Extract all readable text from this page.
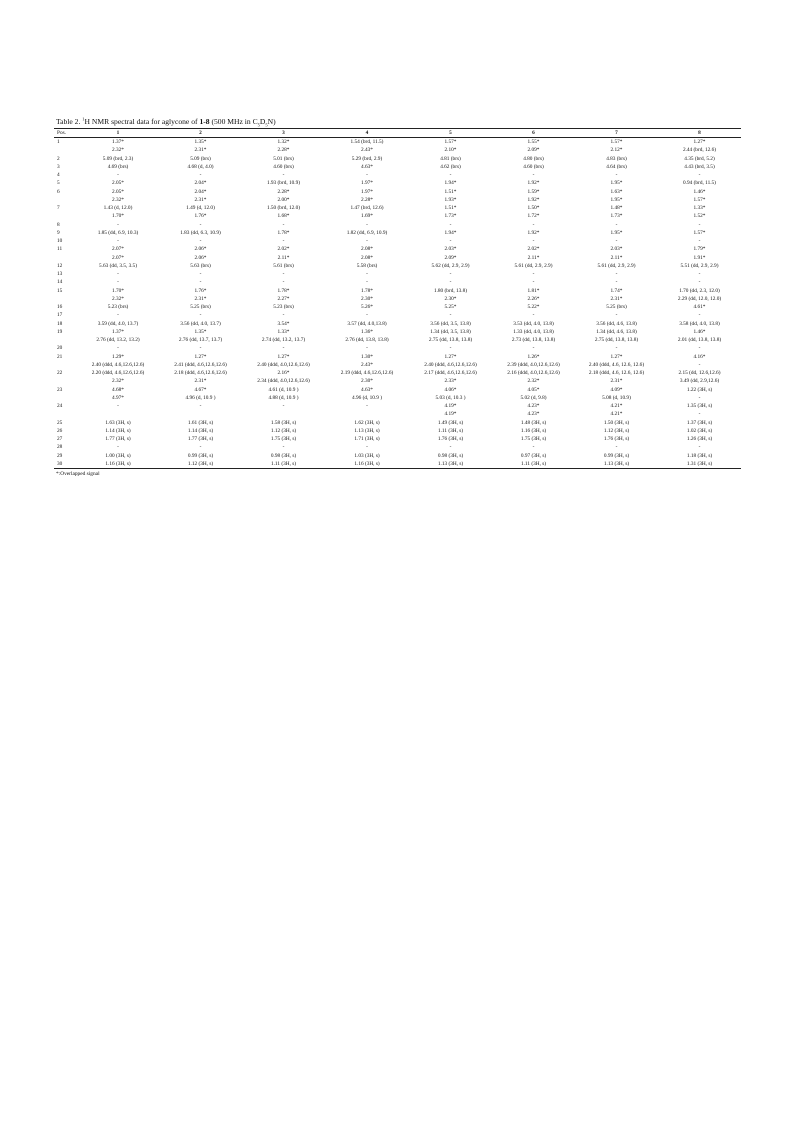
Table 2. $^1$H NMR spectral data for aglycone of 1-8 (500 MHz in $C_5D_5N$)
Pos.	1	2	3	4	5	6	7	8
1	1.37*	1.35*	1.32*	1.54 (brd, 11.5)	1.57*	1.55*	1.57*	1.27*
	2.32*	2.31*	2.28*	2.43*	2.10*	2.09*	2.12*	2.44 (brd, 12.6)
2	5.09 (brd, 2.3)	5.09 (brs)	5.01 (brs)	5.29 (brd, 2.9)	4.81 (brs)	4.80 (brs)	4.83 (brs)	4.35 (brd, 5.2)
3	4.69 (brs)	4.68 (d, 4.0)	4.60 (brs)	4.63*	4.62 (brs)	4.60 (brs)	4.64 (brs)	4.43 (brd, 3.5)
4	-	-	-	-	-	-	-	-
5	2.05*	2.04*	1.93 (brd, 10.9)	1.97*	1.94*	1.92*	1.95*	0.94 (brd, 11.5)
6	2.05*	2.04*	2.28*	1.97*	1.51*	1.59*	1.63*	1.46*
	2.32*	2.31*	2.00*	2.28*	1.93*	1.92*	1.95*	1.57*
7	1.43 (d, 12.0)	1.49 (d, 12.0)	1.50 (brd, 12.0)	1.47 (brd, 12.6)	1.51*	1.50*	1.48*	1.33*
	1.70*	1.76*	1.68*	1.69*	1.73*	1.72*	1.73*	1.52*
8	-	-	-	-	-	-	-	-
9	1.85 (dd, 6.9, 10.3)	1.83 (dd, 6.3, 10.9)	1.78*	1.82 (dd, 6.9, 10.9)	1.94*	1.92*	1.95*	1.57*
10	-	-	-	-	-	-	-	-
11	2.07*	2.06*	2.02*	2.08*	2.03*	2.02*	2.03*	1.79*
	2.07*	2.06*	2.11*	2.08*	2.09*	2.11*	2.11*	1.91*
12	5.63 (dd, 3.5, 3.5)	5.63 (brs)	5.61 (brs)	5.58 (brs)	5.62 (dd, 2.9, 2.9)	5.61 (dd, 2.9, 2.9)	5.61 (dd, 2.9, 2.9)	5.51 (dd, 2.9, 2.9)
13	-	-	-	-	-	-	-	-
14	-	-	-	-	-	-	-	-
15	1.70*	1.76*	1.78*	1.78*	1.80 (brd, 13.8)	1.81*	1.74*	1.70 (dd, 2.3, 12.0)
	2.32*	2.31*	2.27*	2.30*	2.30*	2.26*	2.31*	2.29 (dd, 12.0, 12.0)
16	5.23 (brs)	5.25 (brs)	5.23 (brs)	5.26*	5.25*	5.22*	5.25 (brs)	4.61*
17	-	-	-	-	-	-	-	-
18	3.59 (dd, 4.0, 13.7)	3.56 (dd, 4.0, 13.7)	3.54*	3.57 (dd, 4.0,13.8)	3.56 (dd, 3.5, 13.8)	3.53 (dd, 4.0, 13.8)	3.56 (dd, 4.6, 13.8)	3.58 (dd, 4.0, 13.8)
19	1.37*	1.35*	1.33*	1.36*	1.34 (dd, 3.5, 13.8)	1.33 (dd, 4.0, 13.8)	1.34 (dd, 4.6, 13.8)	1.46*
	2.76 (dd, 13.2, 13.2)	2.76 (dd, 13.7, 13.7)	2.74 (dd, 13.2, 13.7)	2.76 (dd, 13.8, 13.8)	2.75 (dd, 13.8, 13.8)	2.73 (dd, 13.8, 13.8)	2.75 (dd, 13.8, 13.8)	2.01 (dd, 13.8, 13.8)
20	-	-	-	-	-	-	-	-
21	1.29*	1.27*	1.27*	1.30*	1.27*	1.26*	1.27*	4.16*
	2.40 (ddd, 4.6,12.6,12.6)	2.41 (ddd, 4.6,12.6,12.6)	2.40 (ddd, 4.0,12.6,12.6)	2.43*	2.40 (ddd, 4.6,12.6,12.6)	2.39 (ddd, 4.0,12.6,12.6)	2.40 (ddd, 4.6, 12.6, 12.6)	-
22	2.20 (ddd, 4.6,12.6,12.6)	2.18 (ddd, 4.6,12.6,12.6)	2.16*	2.19 (ddd, 4.6,12.6,12.6)	2.17 (ddd, 4.6,12.6,12.6)	2.16 (ddd, 4.0,12.6,12.6)	2.18 (ddd, 4.6, 12.6, 12.6)	2.15 (dd, 12.6,12.6)
	2.32*	2.31*	2.34 (ddd, 4.0,12.6,12.6)	2.30*	2.33*	2.32*	2.31*	3.49 (dd, 2.9,12.6)
23	4.68*	4.67*	4.61 (d, 10.9 )	4.63*	4.06*	4.05*	4.09*	1.22 (3H, s)
	4.97*	4.96 (d, 10.9 )	4.88 (d, 10.9 )	4.96 (d, 10.9 )	5.03 (d, 10.3 )	5.02 (d, 9.8)	5.08 (d, 10.9)	-
24	-	-	-	-	4.19*	4.23*	4.21*	1.35 (3H, s)
					4.19*	4.23*	4.21*	-
25	1.63 (3H, s)	1.61 (3H, s)	1.58 (3H, s)	1.62 (3H, s)	1.49 (3H, s)	1.48 (3H, s)	1.50 (3H, s)	1.37 (3H, s)
26	1.14 (3H, s)	1.14 (3H, s)	1.12 (3H, s)	1.13 (3H, s)	1.11 (3H, s)	1.16 (3H, s)	1.12 (3H, s)	1.02 (3H, s)
27	1.77 (3H, s)	1.77 (3H, s)	1.75 (3H, s)	1.71 (3H, s)	1.76 (3H, s)	1.75 (3H, s)	1.76 (3H, s)	1.26 (3H, s)
28	-	-	-	-	-	-	-	-
29	1.00 (3H, s)	0.99 (3H, s)	0.98 (3H, s)	1.03 (3H, s)	0.98 (3H, s)	0.97 (3H, s)	0.99 (3H, s)	1.18 (3H, s)
30	1.16 (3H, s)	1.12 (3H, s)	1.11 (3H, s)	1.16 (3H, s)	1.13 (3H, s)	1.11 (3H, s)	1.13 (3H, s)	1.31 (3H, s)
*:Overlapped signal
